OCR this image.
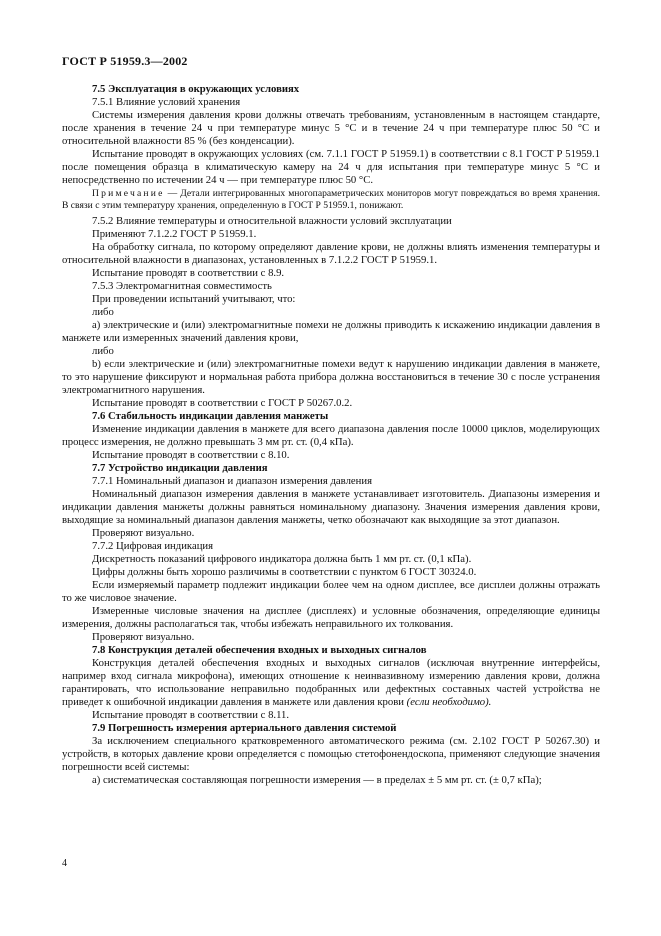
ГОСТ Р 51959.3—2002

7.5 Эксплуатация в окружающих условиях

7.5.1 Влияние условий хранения

Системы измерения давления крови должны отвечать требованиям, установленным в настоящем стандарте, после хранения в течение 24 ч при температуре минус 5 °С и в течение 24 ч при температуре плюс 50 °С и относительной влажности 85 % (без конденсации).

Испытание проводят в окружающих условиях (см. 7.1.1 ГОСТ Р 51959.1) в соответствии с 8.1 ГОСТ Р 51959.1 после помещения образца в климатическую камеру на 24 ч для испытания при температуре минус 5 °С и непосредственно по истечении 24 ч — при температуре плюс 50 °С.

Примечание — Детали интегрированных многопараметрических мониторов могут повреждаться во время хранения. В связи с этим температуру хранения, определенную в ГОСТ Р 51959.1, понижают.

7.5.2 Влияние температуры и относительной влажности условий эксплуатации

Применяют 7.1.2.2 ГОСТ Р 51959.1.

На обработку сигнала, по которому определяют давление крови, не должны влиять изменения температуры и относительной влажности в диапазонах, установленных в 7.1.2.2 ГОСТ Р 51959.1.

Испытание проводят в соответствии с 8.9.

7.5.3 Электромагнитная совместимость

При проведении испытаний учитывают, что:

либо

а) электрические и (или) электромагнитные помехи не должны приводить к искажению индикации давления в манжете или измеренных значений давления крови,

либо

b) если электрические и (или) электромагнитные помехи ведут к нарушению индикации давления в манжете, то это нарушение фиксируют и нормальная работа прибора должна восстановиться в течение 30 с после устранения электромагнитного нарушения.

Испытание проводят в соответствии с ГОСТ Р 50267.0.2.

7.6 Стабильность индикации давления манжеты

Изменение индикации давления в манжете для всего диапазона давления после 10000 циклов, моделирующих процесс измерения, не должно превышать 3 мм рт. ст. (0,4 кПа).

Испытание проводят в соответствии с 8.10.

7.7 Устройство индикации давления

7.7.1 Номинальный диапазон и диапазон измерения давления

Номинальный диапазон измерения давления в манжете устанавливает изготовитель. Диапазоны измерения и индикации давления манжеты должны равняться номинальному диапазону. Значения измерения давления крови, выходящие за номинальный диапазон давления манжеты, четко обозначают как выходящие за этот диапазон.

Проверяют визуально.

7.7.2 Цифровая индикация

Дискретность показаний цифрового индикатора должна быть 1 мм рт. ст. (0,1 кПа).

Цифры должны быть хорошо различимы в соответствии с пунктом 6 ГОСТ 30324.0.

Если измеряемый параметр подлежит индикации более чем на одном дисплее, все дисплеи должны отражать то же числовое значение.

Измеренные числовые значения на дисплее (дисплеях) и условные обозначения, определяющие единицы измерения, должны располагаться так, чтобы избежать неправильного их толкования.

Проверяют визуально.

7.8 Конструкция деталей обеспечения входных и выходных сигналов

Конструкция деталей обеспечения входных и выходных сигналов (исключая внутренние интерфейсы, например вход сигнала микрофона), имеющих отношение к неинвазивному измерению давления крови, должна гарантировать, что использование неправильно подобранных или дефектных составных частей устройства не приведет к ошибочной индикации давления в манжете или давления крови (если необходимо).

Испытание проводят в соответствии с 8.11.

7.9 Погрешность измерения артериального давления системой

За исключением специального кратковременного автоматического режима (см. 2.102 ГОСТ Р 50267.30) и устройств, в которых давление крови определяется с помощью стетофонендоскопа, применяют следующие значения погрешности всей системы:

а) систематическая составляющая погрешности измерения — в пределах ± 5 мм рт. ст. (± 0,7 кПа);

4
